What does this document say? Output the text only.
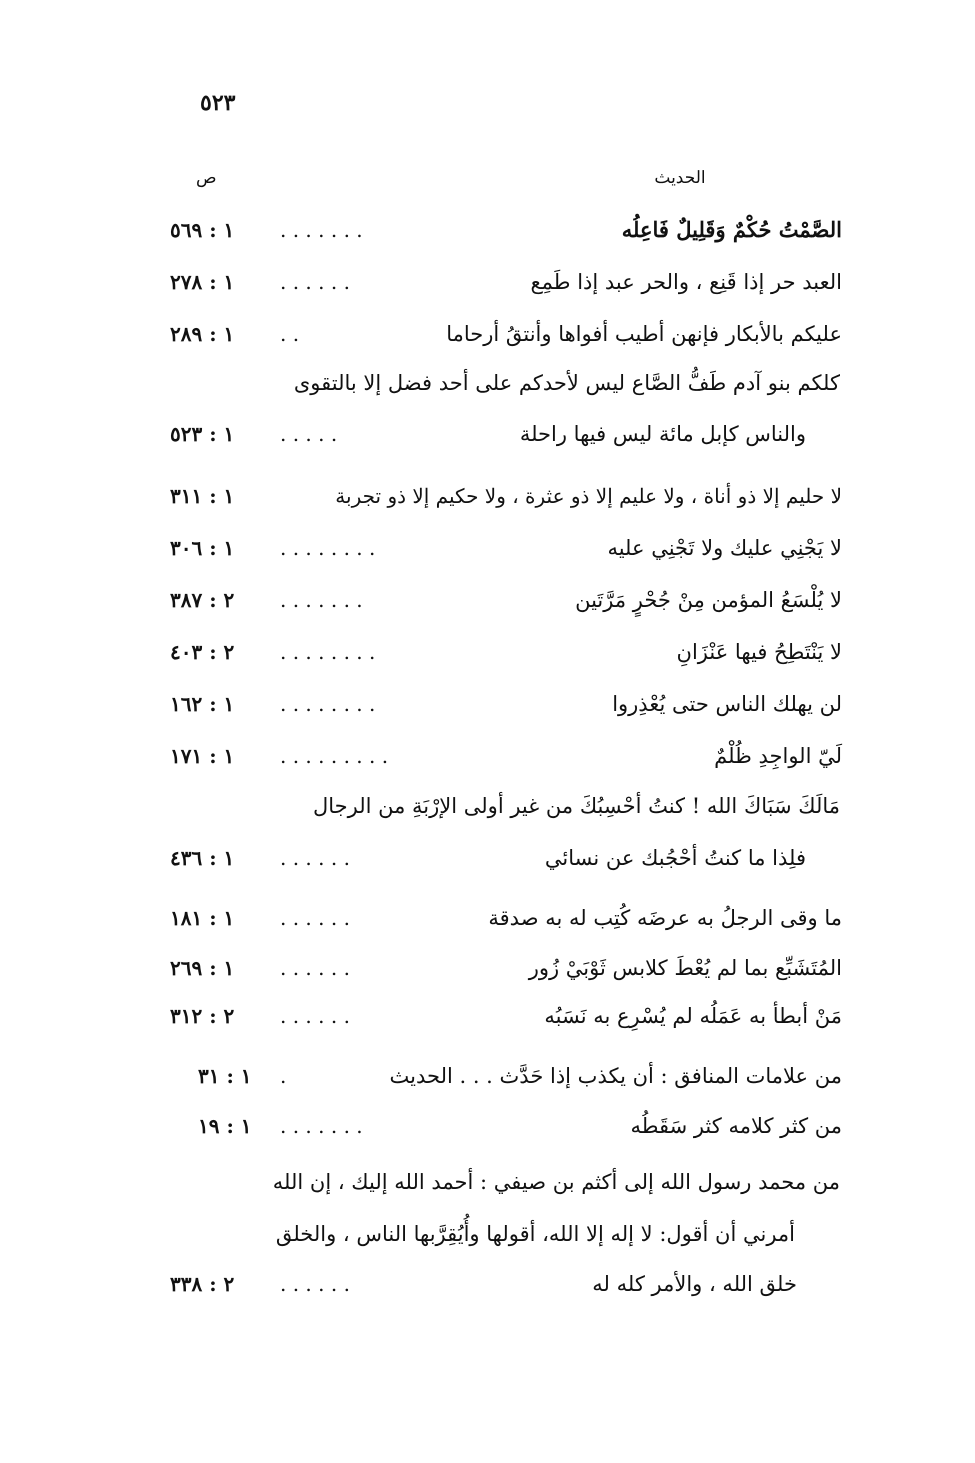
٥٢٣
الحديث
ص
الصَّمْتُ حُكْمٌ وَقَلِيلٌ فَاعِلُه
. . . . . . .
١ : ٥٦٩
العبد حر إذا قَنِع ، والحر عبد إذا طَمِع
. . . . . .
١ : ٢٧٨
عليكم بالأبكار فإنهن أطيب أفواها وأنتقُ أرحاما
. .
١ : ٢٨٩
كلكم بنو آدم طَفُّ الصَّاع ليس لأحدكم على أحد فضل إلا بالتقوى
والناس كإبل مائة ليس فيها راحلة
. . . . .
١ : ٥٢٣
لا حليم إلا ذو أناة ، ولا عليم إلا ذو عثرة ، ولا حكيم إلا ذو تجربة
١ : ٣١١
لا يَجْنِي عليك ولا تَجْنِي عليه
. . . . . . . .
١ : ٣٠٦
لا يُلْسَعُ المؤمن مِنْ جُحْرٍ مَرَّتَين
. . . . . . .
٢ : ٣٨٧
لا يَنْتَطِحُ فيها عَنْزَانِ
. . . . . . . .
٢ : ٤٠٣
لن يهلك الناس حتى يُعْذِروا
. . . . . . . .
١ : ١٦٢
لَيّ الواجِدِ ظُلْمٌ
. . . . . . . . .
١ : ١٧١
مَالَكَ سَبَاكَ الله ! كنتُ أحْسِبُكَ من غير أولى الإرْبَةِ من الرجال
فلِذا ما كنتُ أحْجُبك عن نسائي
. . . . . .
١ : ٤٣٦
ما وقى الرجلُ به عرضَه كُتِب له به صدقة
. . . . . .
١ : ١٨١
المُتَشَبِّع بما لم يُعْطَ كلابس ثَوْبَيْ زُور
. . . . . .
١ : ٢٦٩
مَنْ أبطأ به عَمَلُه لم يُسْرِع به نَسَبُه
. . . . . .
٢ : ٣١٢
من علامات المنافق : أن يكذب إذا حَدَّث . . . الحديث
.
١ : ٣١
من كثر كلامه كثر سَقَطُه
. . . . . . .
١ : ١٩
من محمد رسول الله إلى أكثم بن صيفي : أحمد الله إليك ، إن الله
أمرني أن أقول: لا إله إلا الله، أقولها وأُيُقِرَّبها الناس ، والخلق
خلق الله ، والأمر كله له
. . . . . .
٢ : ٣٣٨
